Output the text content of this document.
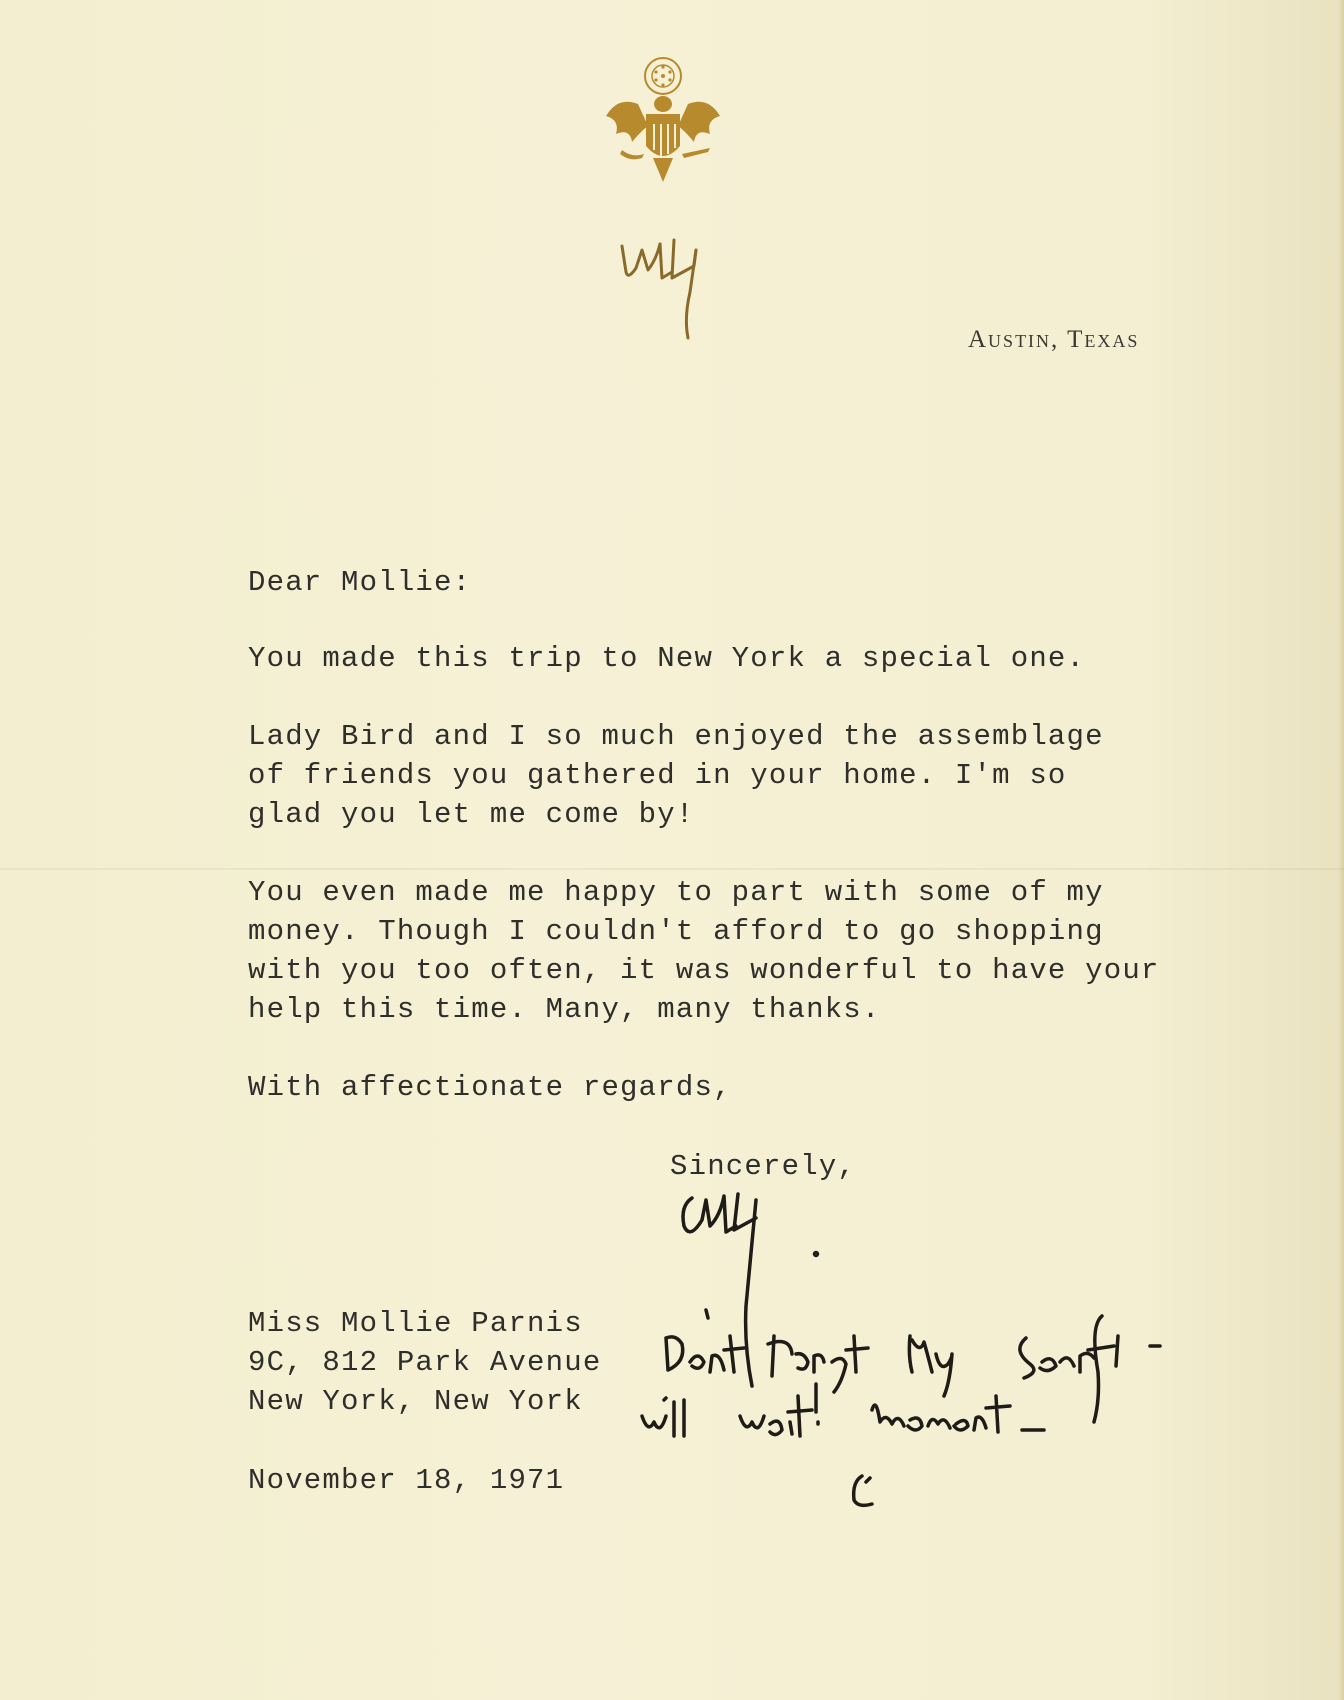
Austin, Texas

Dear Mollie:

You made this trip to New York a special one.

Lady Bird and I so much enjoyed the assemblage

of friends you gathered in your home. I'm so

glad you let me come by!

You even made me happy to part with some of my

money. Though I couldn't afford to go shopping

with you too often, it was wonderful to have your

help this time. Many, many thanks.

With affectionate regards,

Sincerely,

Miss Mollie Parnis

9C, 812 Park Avenue

New York, New York

November 18, 1971
